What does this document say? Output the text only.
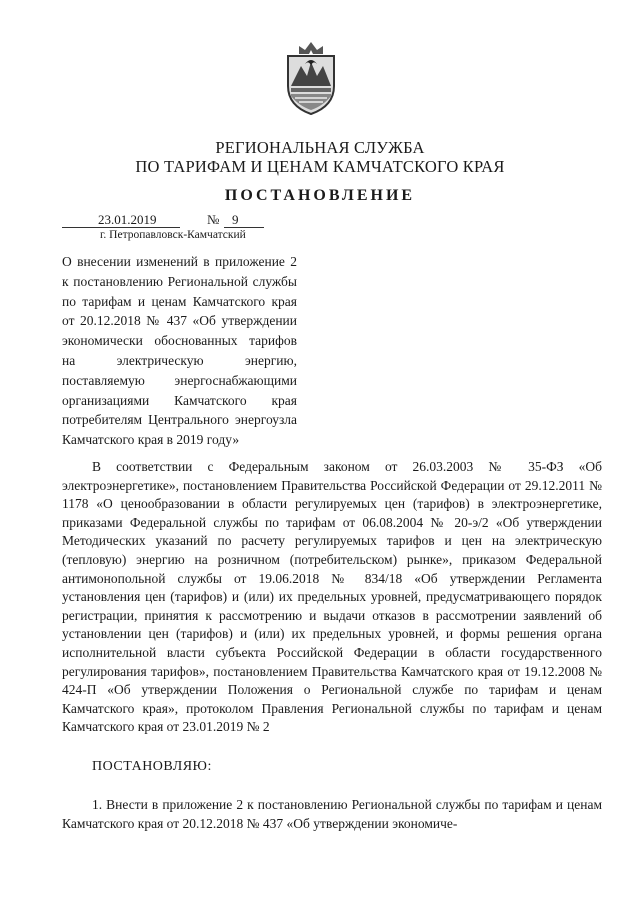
РЕГИОНАЛЬНАЯ СЛУЖБА
ПО ТАРИФАМ И ЦЕНАМ КАМЧАТСКОГО КРАЯ
ПОСТАНОВЛЕНИЕ
23.01.2019	№ 9
г. Петропавловск-Камчатский
О внесении изменений в приложение 2 к постановлению Региональной службы по тарифам и ценам Камчатского края от 20.12.2018 № 437 «Об утверждении экономически обоснованных тарифов на электрическую энергию, поставляемую энергоснабжающими организациями Камчатского края потребителям Центрального энергоузла Камчатского края в 2019 году»
В соответствии с Федеральным законом от 26.03.2003 № 35-ФЗ «Об электроэнергетике», постановлением Правительства Российской Федерации от 29.12.2011 № 1178 «О ценообразовании в области регулируемых цен (тарифов) в электроэнергетике, приказами Федеральной службы по тарифам от 06.08.2004 № 20-э/2 «Об утверждении Методических указаний по расчету регулируемых тарифов и цен на электрическую (тепловую) энергию на розничном (потребительском) рынке», приказом Федеральной антимонопольной службы от 19.06.2018 № 834/18 «Об утверждении Регламента установления цен (тарифов) и (или) их предельных уровней, предусматривающего порядок регистрации, принятия к рассмотрению и выдачи отказов в рассмотрении заявлений об установлении цен (тарифов) и (или) их предельных уровней, и формы решения органа исполнительной власти субъекта Российской Федерации в области государственного регулирования тарифов», постановлением Правительства Камчатского края от 19.12.2008 № 424-П «Об утверждении Положения о Региональной службе по тарифам и ценам Камчатского края», протоколом Правления Региональной службы по тарифам и ценам Камчатского края от 23.01.2019 № 2
ПОСТАНОВЛЯЮ:
1. Внести в приложение 2 к постановлению Региональной службы по тарифам и ценам Камчатского края от 20.12.2018 № 437 «Об утверждении экономиче-
